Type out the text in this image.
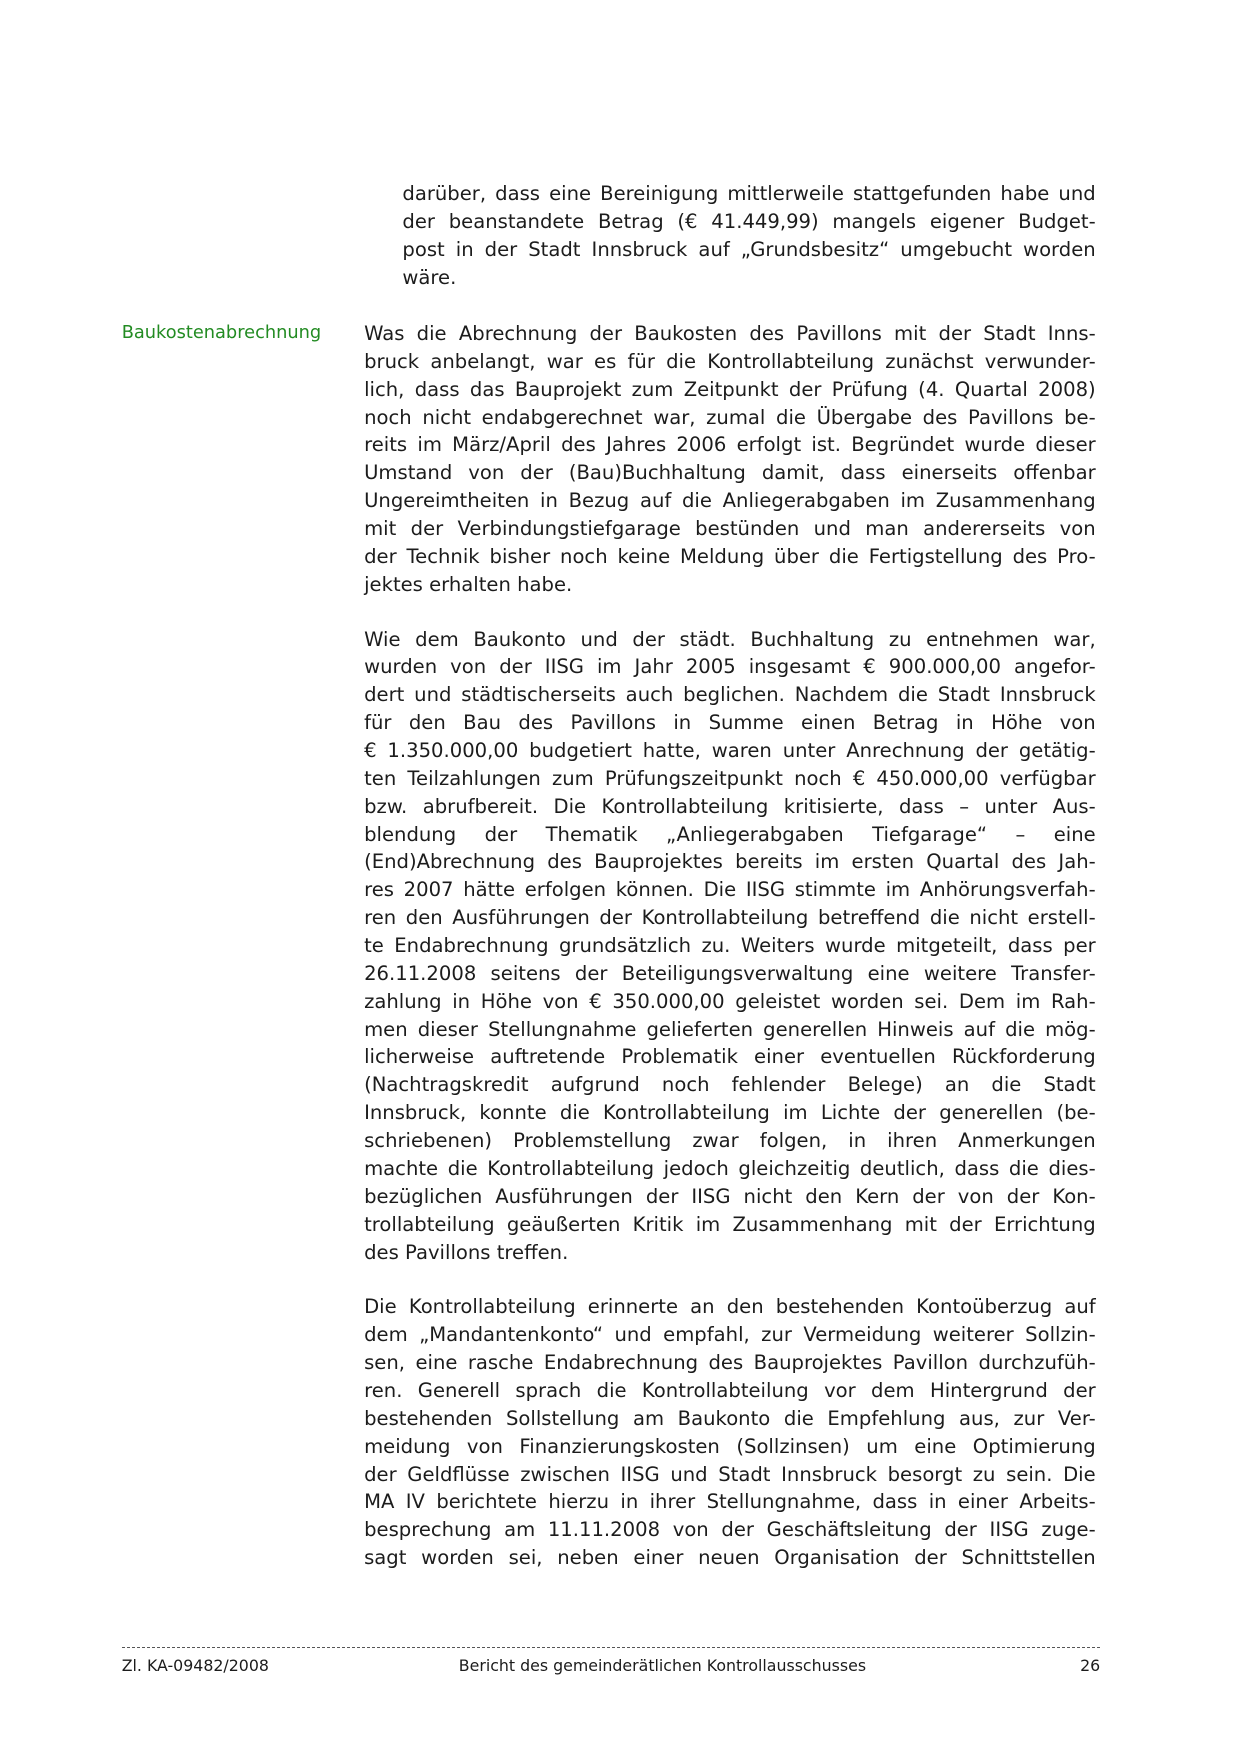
darüber, dass eine Bereinigung mittlerweile stattgefunden habe und
der beanstandete Betrag (€ 41.449,99) mangels eigener Budget-
post in der Stadt Innsbruck auf „Grundsbesitz“ umgebucht worden
wäre.
Baukostenabrechnung Was die Abrechnung der Baukosten des Pavillons mit der Stadt Inns-
bruck anbelangt, war es für die Kontrollabteilung zunächst verwunder-
lich, dass das Bauprojekt zum Zeitpunkt der Prüfung (4. Quartal 2008)
noch nicht endabgerechnet war, zumal die Übergabe des Pavillons be-
reits im März/April des Jahres 2006 erfolgt ist. Begründet wurde dieser
Umstand von der (Bau)Buchhaltung damit, dass einerseits offenbar
Ungereimtheiten in Bezug auf die Anliegerabgaben im Zusammenhang
mit der Verbindungstiefgarage bestünden und man andererseits von
der Technik bisher noch keine Meldung über die Fertigstellung des Pro-
jektes erhalten habe.
Wie dem Baukonto und der städt. Buchhaltung zu entnehmen war,
wurden von der IISG im Jahr 2005 insgesamt € 900.000,00 angefor-
dert und städtischerseits auch beglichen. Nachdem die Stadt Innsbruck
für den Bau des Pavillons in Summe einen Betrag in Höhe von
€ 1.350.000,00 budgetiert hatte, waren unter Anrechnung der getätig-
ten Teilzahlungen zum Prüfungszeitpunkt noch € 450.000,00 verfügbar
bzw. abrufbereit. Die Kontrollabteilung kritisierte, dass – unter Aus-
blendung der Thematik „Anliegerabgaben Tiefgarage“ – eine
(End)Abrechnung des Bauprojektes bereits im ersten Quartal des Jah-
res 2007 hätte erfolgen können. Die IISG stimmte im Anhörungsverfah-
ren den Ausführungen der Kontrollabteilung betreffend die nicht erstell-
te Endabrechnung grundsätzlich zu. Weiters wurde mitgeteilt, dass per
26.11.2008 seitens der Beteiligungsverwaltung eine weitere Transfer-
zahlung in Höhe von € 350.000,00 geleistet worden sei. Dem im Rah-
men dieser Stellungnahme gelieferten generellen Hinweis auf die mög-
licherweise auftretende Problematik einer eventuellen Rückforderung
(Nachtragskredit aufgrund noch fehlender Belege) an die Stadt
Innsbruck, konnte die Kontrollabteilung im Lichte der generellen (be-
schriebenen) Problemstellung zwar folgen, in ihren Anmerkungen
machte die Kontrollabteilung jedoch gleichzeitig deutlich, dass die dies-
bezüglichen Ausführungen der IISG nicht den Kern der von der Kon-
trollabteilung geäußerten Kritik im Zusammenhang mit der Errichtung
des Pavillons treffen.
Die Kontrollabteilung erinnerte an den bestehenden Kontoüberzug auf
dem „Mandantenkonto“ und empfahl, zur Vermeidung weiterer Sollzin-
sen, eine rasche Endabrechnung des Bauprojektes Pavillon durchzufüh-
ren. Generell sprach die Kontrollabteilung vor dem Hintergrund der
bestehenden Sollstellung am Baukonto die Empfehlung aus, zur Ver-
meidung von Finanzierungskosten (Sollzinsen) um eine Optimierung
der Geldflüsse zwischen IISG und Stadt Innsbruck besorgt zu sein. Die
MA IV berichtete hierzu in ihrer Stellungnahme, dass in einer Arbeits-
besprechung am 11.11.2008 von der Geschäftsleitung der IISG zuge-
sagt worden sei, neben einer neuen Organisation der Schnittstellen
Zl. KA-09482/2008	Bericht des gemeinderätlichen Kontrollausschusses	26
